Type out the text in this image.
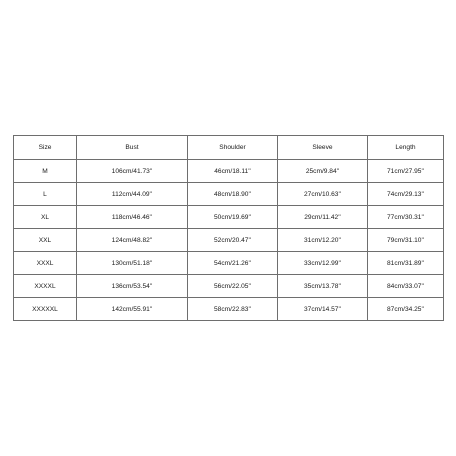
Size	Bust	Shoulder	Sleeve	Length
M	106cm/41.73''	46cm/18.11''	25cm/9.84''	71cm/27.95''
L	112cm/44.09''	48cm/18.90''	27cm/10.63''	74cm/29.13''
XL	118cm/46.46''	50cm/19.69''	29cm/11.42''	77cm/30.31''
XXL	124cm/48.82''	52cm/20.47''	31cm/12.20''	79cm/31.10''
XXXL	130cm/51.18''	54cm/21.26''	33cm/12.99''	81cm/31.89''
XXXXL	136cm/53.54''	56cm/22.05''	35cm/13.78''	84cm/33.07''
XXXXXL	142cm/55.91''	58cm/22.83''	37cm/14.57''	87cm/34.25''
